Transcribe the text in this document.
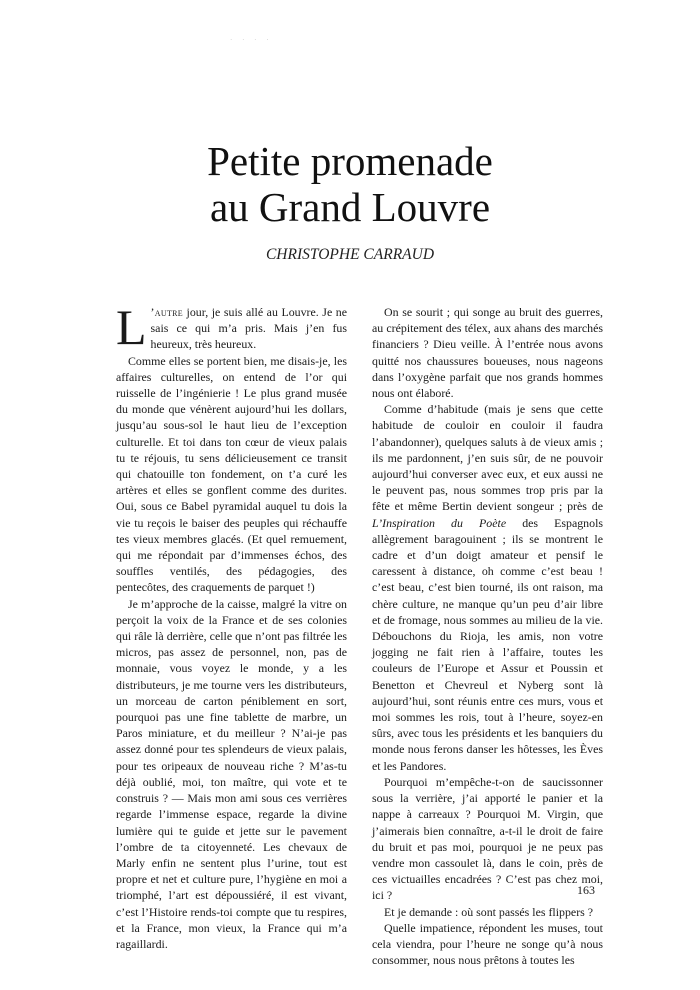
· · · ·
Petite promenade
au Grand Louvre
CHRISTOPHE CARRAUD

L ’autre jour, je suis allé au Louvre. Je ne sais ce qui m’a pris. Mais j’en fus heureux, très heureux.

Comme elles se portent bien, me disais-je, les affaires culturelles, on entend de l’or qui ruisselle de l’ingénierie ! Le plus grand musée du monde que vénèrent aujourd’hui les dollars, jusqu’au sous-sol le haut lieu de l’exception culturelle. Et toi dans ton cœur de vieux palais tu te réjouis, tu sens délicieusement ce transit qui chatouille ton fondement, on t’a curé les artères et elles se gonflent comme des durites. Oui, sous ce Babel pyramidal auquel tu dois la vie tu reçois le baiser des peuples qui réchauffe tes vieux membres glacés. (Et quel remuement, qui me répondait par d’immenses échos, des souffles ventilés, des pédagogies, des pentecôtes, des craquements de parquet !)

Je m’approche de la caisse, malgré la vitre on perçoit la voix de la France et de ses colonies qui râle là derrière, celle que n’ont pas filtrée les micros, pas assez de personnel, non, pas de monnaie, vous voyez le monde, y a les distributeurs, je me tourne vers les distributeurs, un morceau de carton péniblement en sort, pourquoi pas une fine tablette de marbre, un Paros miniature, et du meilleur ? N’ai-je pas assez donné pour tes splendeurs de vieux palais, pour tes oripeaux de nouveau riche ? M’as-tu déjà oublié, moi, ton maître, qui vote et te construis ? — Mais mon ami sous ces verrières regarde l’immense espace, regarde la divine lumière qui te guide et jette sur le pavement l’ombre de ta citoyenneté. Les chevaux de Marly enfin ne sentent plus l’urine, tout est propre et net et culture pure, l’hygiène en moi a triomphé, l’art est dépoussiéré, il est vivant, c’est l’Histoire rends-toi compte que tu respires, et la France, mon vieux, la France qui m’a ragaillardi.

On se sourit ; qui songe au bruit des guerres, au crépitement des télex, aux ahans des marchés financiers ? Dieu veille. À l’entrée nous avons quitté nos chaussures boueuses, nous nageons dans l’oxygène parfait que nos grands hommes nous ont élaboré.

Comme d’habitude (mais je sens que cette habitude de couloir en couloir il faudra l’abandonner), quelques saluts à de vieux amis ; ils me pardonnent, j’en suis sûr, de ne pouvoir aujourd’hui converser avec eux, et eux aussi ne le peuvent pas, nous sommes trop pris par la fête et même Bertin devient songeur ; près de L’Inspiration du Poète des Espagnols allègrement baragouinent ; ils se montrent le cadre et d’un doigt amateur et pensif le caressent à distance, oh comme c’est beau ! c’est beau, c’est bien tourné, ils ont raison, ma chère culture, ne manque qu’un peu d’air libre et de fromage, nous sommes au milieu de la vie. Débouchons du Rioja, les amis, non votre jogging ne fait rien à l’affaire, toutes les couleurs de l’Europe et Assur et Poussin et Benetton et Chevreul et Nyberg sont là aujourd’hui, sont réunis entre ces murs, vous et moi sommes les rois, tout à l’heure, soyez-en sûrs, avec tous les présidents et les banquiers du monde nous ferons danser les hôtesses, les Èves et les Pandores.

Pourquoi m’empêche-t-on de saucissonner sous la verrière, j’ai apporté le panier et la nappe à carreaux ? Pourquoi M. Virgin, que j’aimerais bien connaître, a-t-il le droit de faire du bruit et pas moi, pourquoi je ne peux pas vendre mon cassoulet là, dans le coin, près de ces victuailles encadrées ? C’est pas chez moi, ici ?

Et je demande : où sont passés les flippers ?

Quelle impatience, répondent les muses, tout cela viendra, pour l’heure ne songe qu’à nous consommer, nous nous prêtons à toutes les

163
